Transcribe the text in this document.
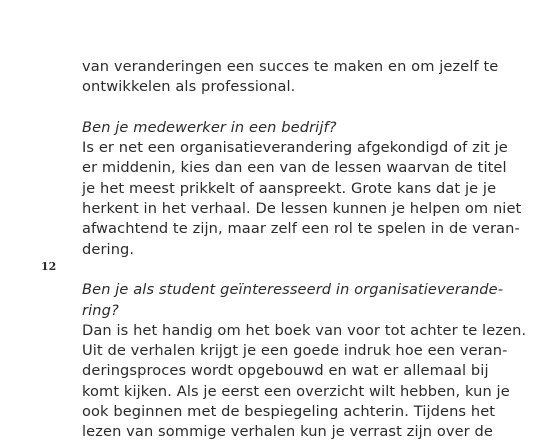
12
van veranderingen een succes te maken en om jezelf te
ontwikkelen als professional.
Ben je medewerker in een bedrijf?
Is er net een organisatieverandering afgekondigd of zit je
er middenin, kies dan een van de lessen waarvan de titel
je het meest prikkelt of aanspreekt. Grote kans dat je je
herkent in het verhaal. De lessen kunnen je helpen om niet
afwachtend te zijn, maar zelf een rol te spelen in de veran-
dering.
Ben je als student geïnteresseerd in organisatieverande-
ring?
Dan is het handig om het boek van voor tot achter te lezen.
Uit de verhalen krijgt je een goede indruk hoe een veran-
deringsproces wordt opgebouwd en wat er allemaal bij
komt kijken. Als je eerst een overzicht wilt hebben, kun je
ook beginnen met de bespiegeling achterin. Tijdens het
lezen van sommige verhalen kun je verrast zijn over de
